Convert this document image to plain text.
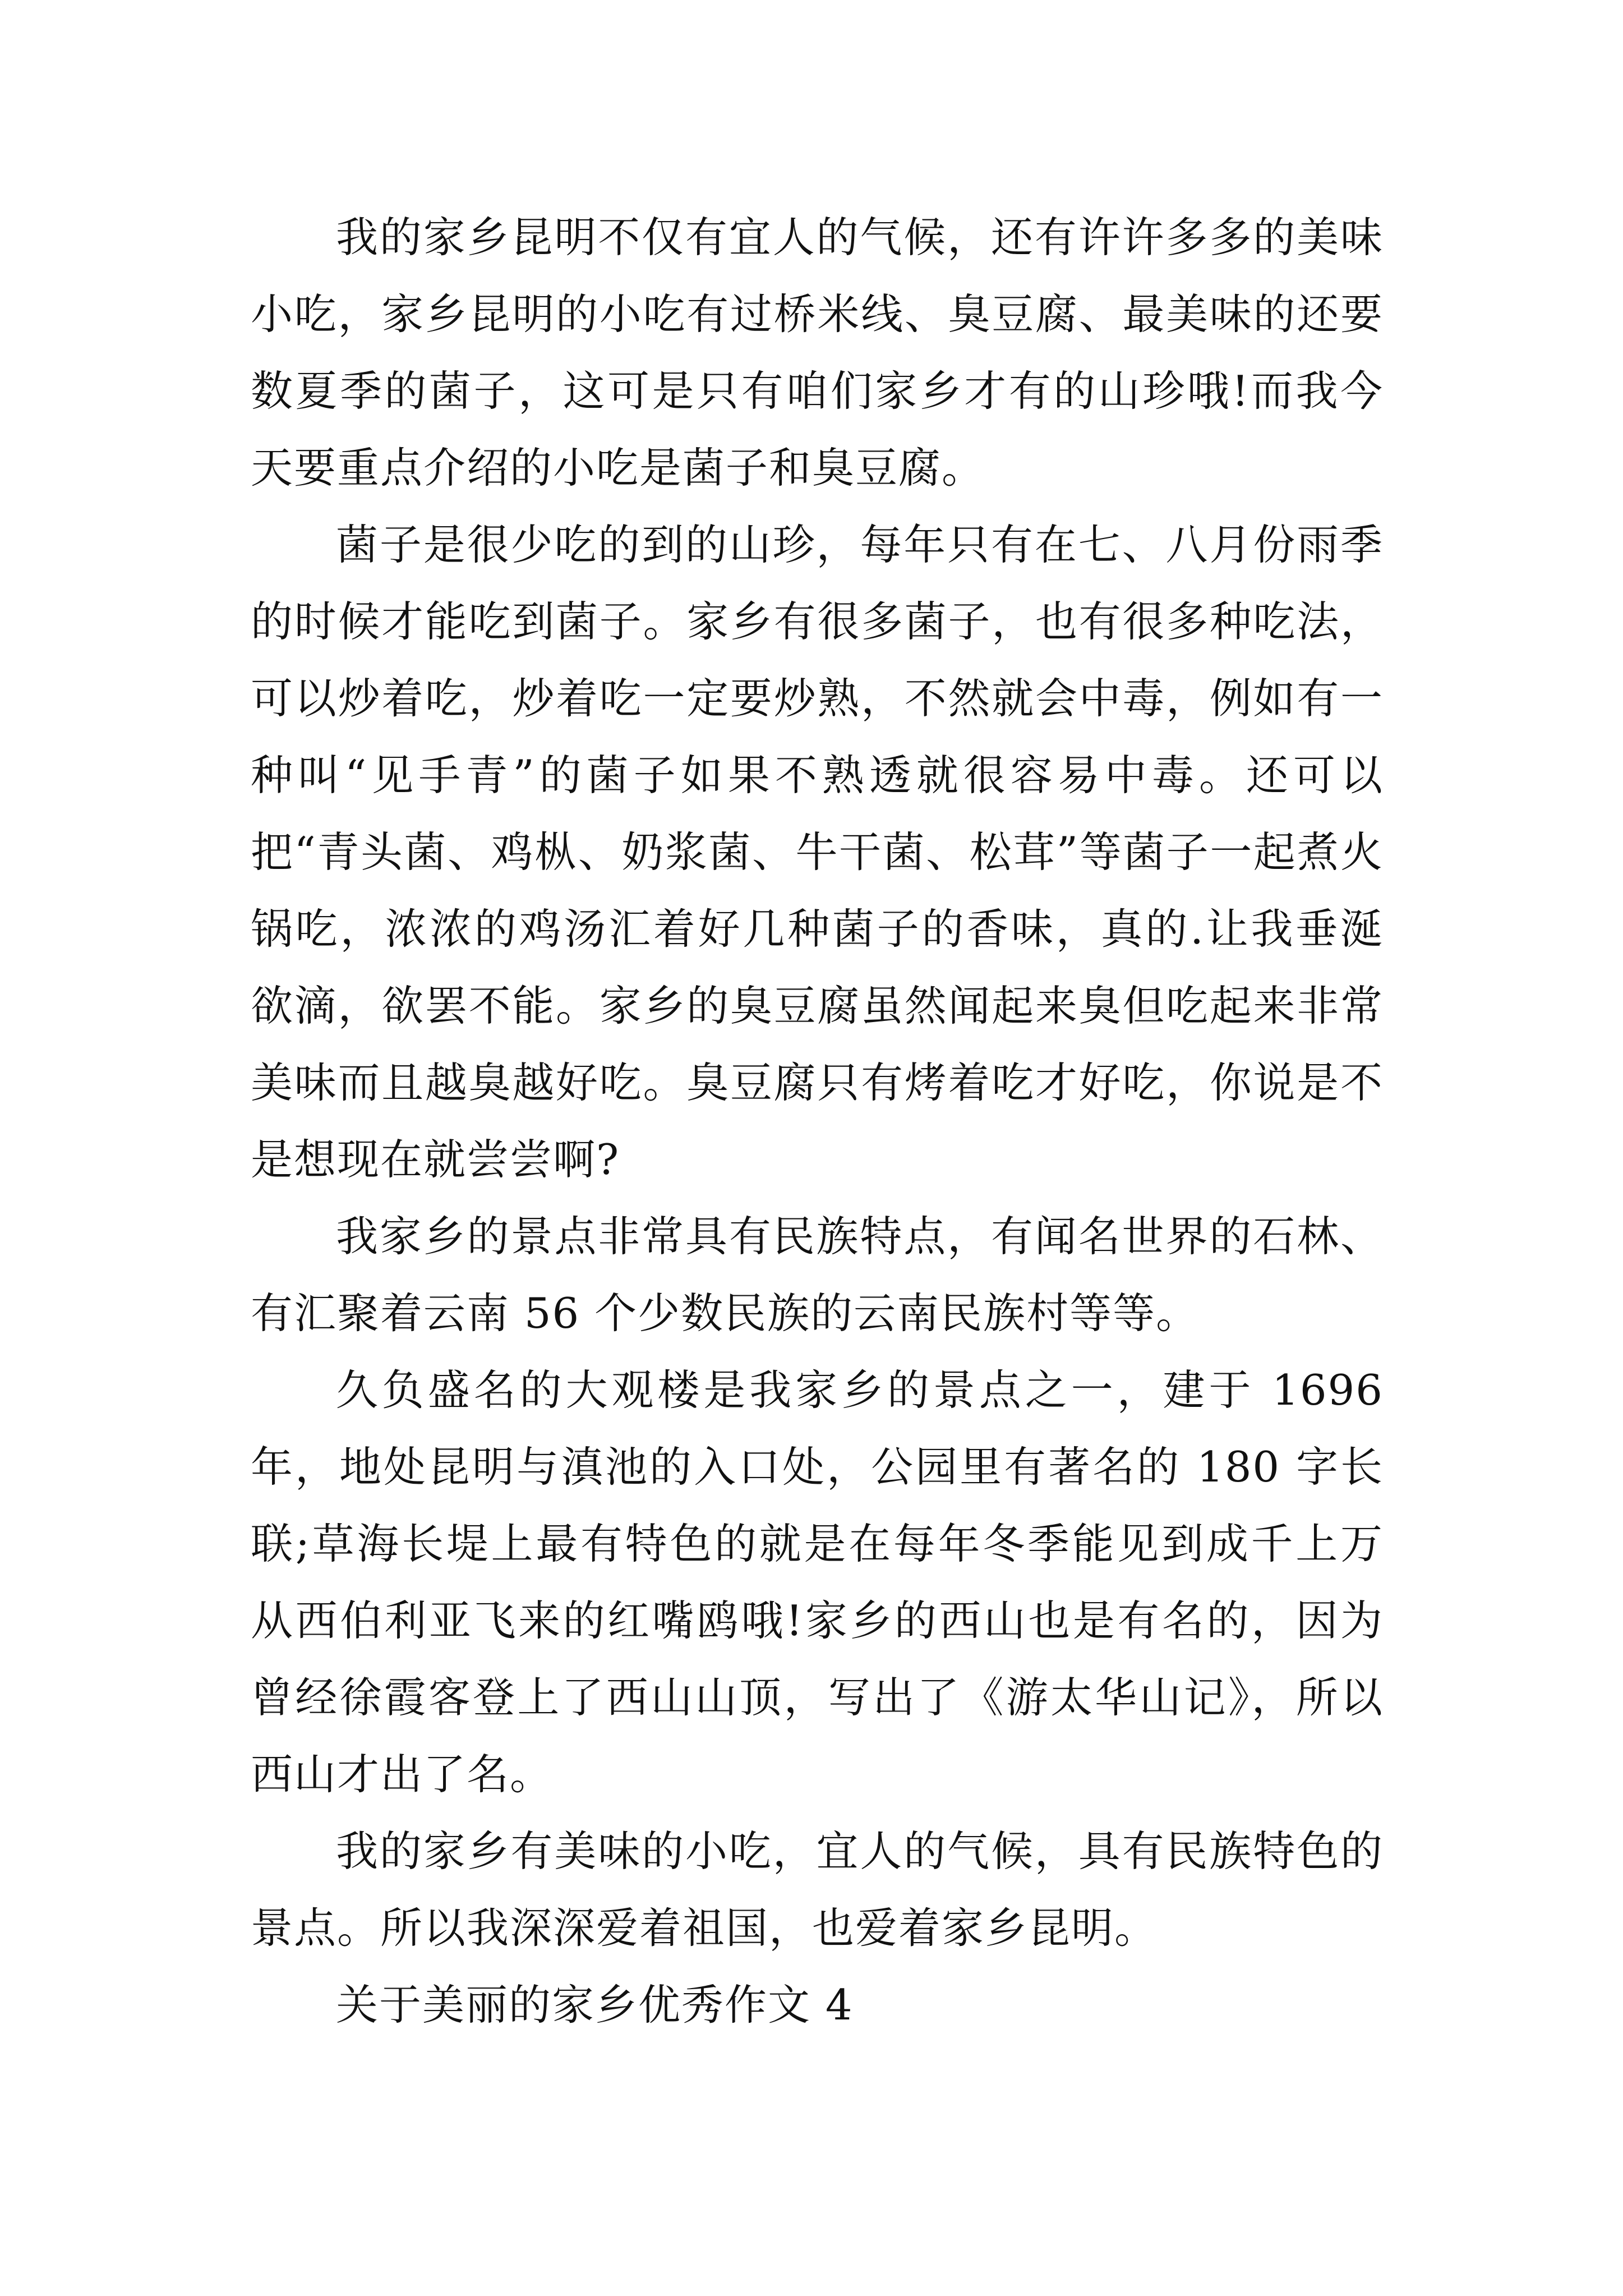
我的家乡昆明不仅有宜人的气候，还有许许多多的美味小吃，家乡昆明的小吃有过桥米线、臭豆腐、最美味的还要数夏季的菌子，这可是只有咱们家乡才有的山珍哦!而我今天要重点介绍的小吃是菌子和臭豆腐。

菌子是很少吃的到的山珍，每年只有在七、八月份雨季的时候才能吃到菌子。家乡有很多菌子，也有很多种吃法，可以炒着吃，炒着吃一定要炒熟，不然就会中毒，例如有一种叫“见手青”的菌子如果不熟透就很容易中毒。还可以把“青头菌、鸡枞、奶浆菌、牛干菌、松茸”等菌子一起煮火锅吃，浓浓的鸡汤汇着好几种菌子的香味，真的.让我垂涎欲滴，欲罢不能。家乡的臭豆腐虽然闻起来臭但吃起来非常美味而且越臭越好吃。臭豆腐只有烤着吃才好吃，你说是不是想现在就尝尝啊?

我家乡的景点非常具有民族特点，有闻名世界的石林、有汇聚着云南 56 个少数民族的云南民族村等等。

久负盛名的大观楼是我家乡的景点之一，建于 1696 年，地处昆明与滇池的入口处，公园里有著名的 180 字长联;草海长堤上最有特色的就是在每年冬季能见到成千上万从西伯利亚飞来的红嘴鸥哦!家乡的西山也是有名的，因为曾经徐霞客登上了西山山顶，写出了《游太华山记》，所以西山才出了名。

我的家乡有美味的小吃，宜人的气候，具有民族特色的景点。所以我深深爱着祖国，也爱着家乡昆明。

关于美丽的家乡优秀作文 4
